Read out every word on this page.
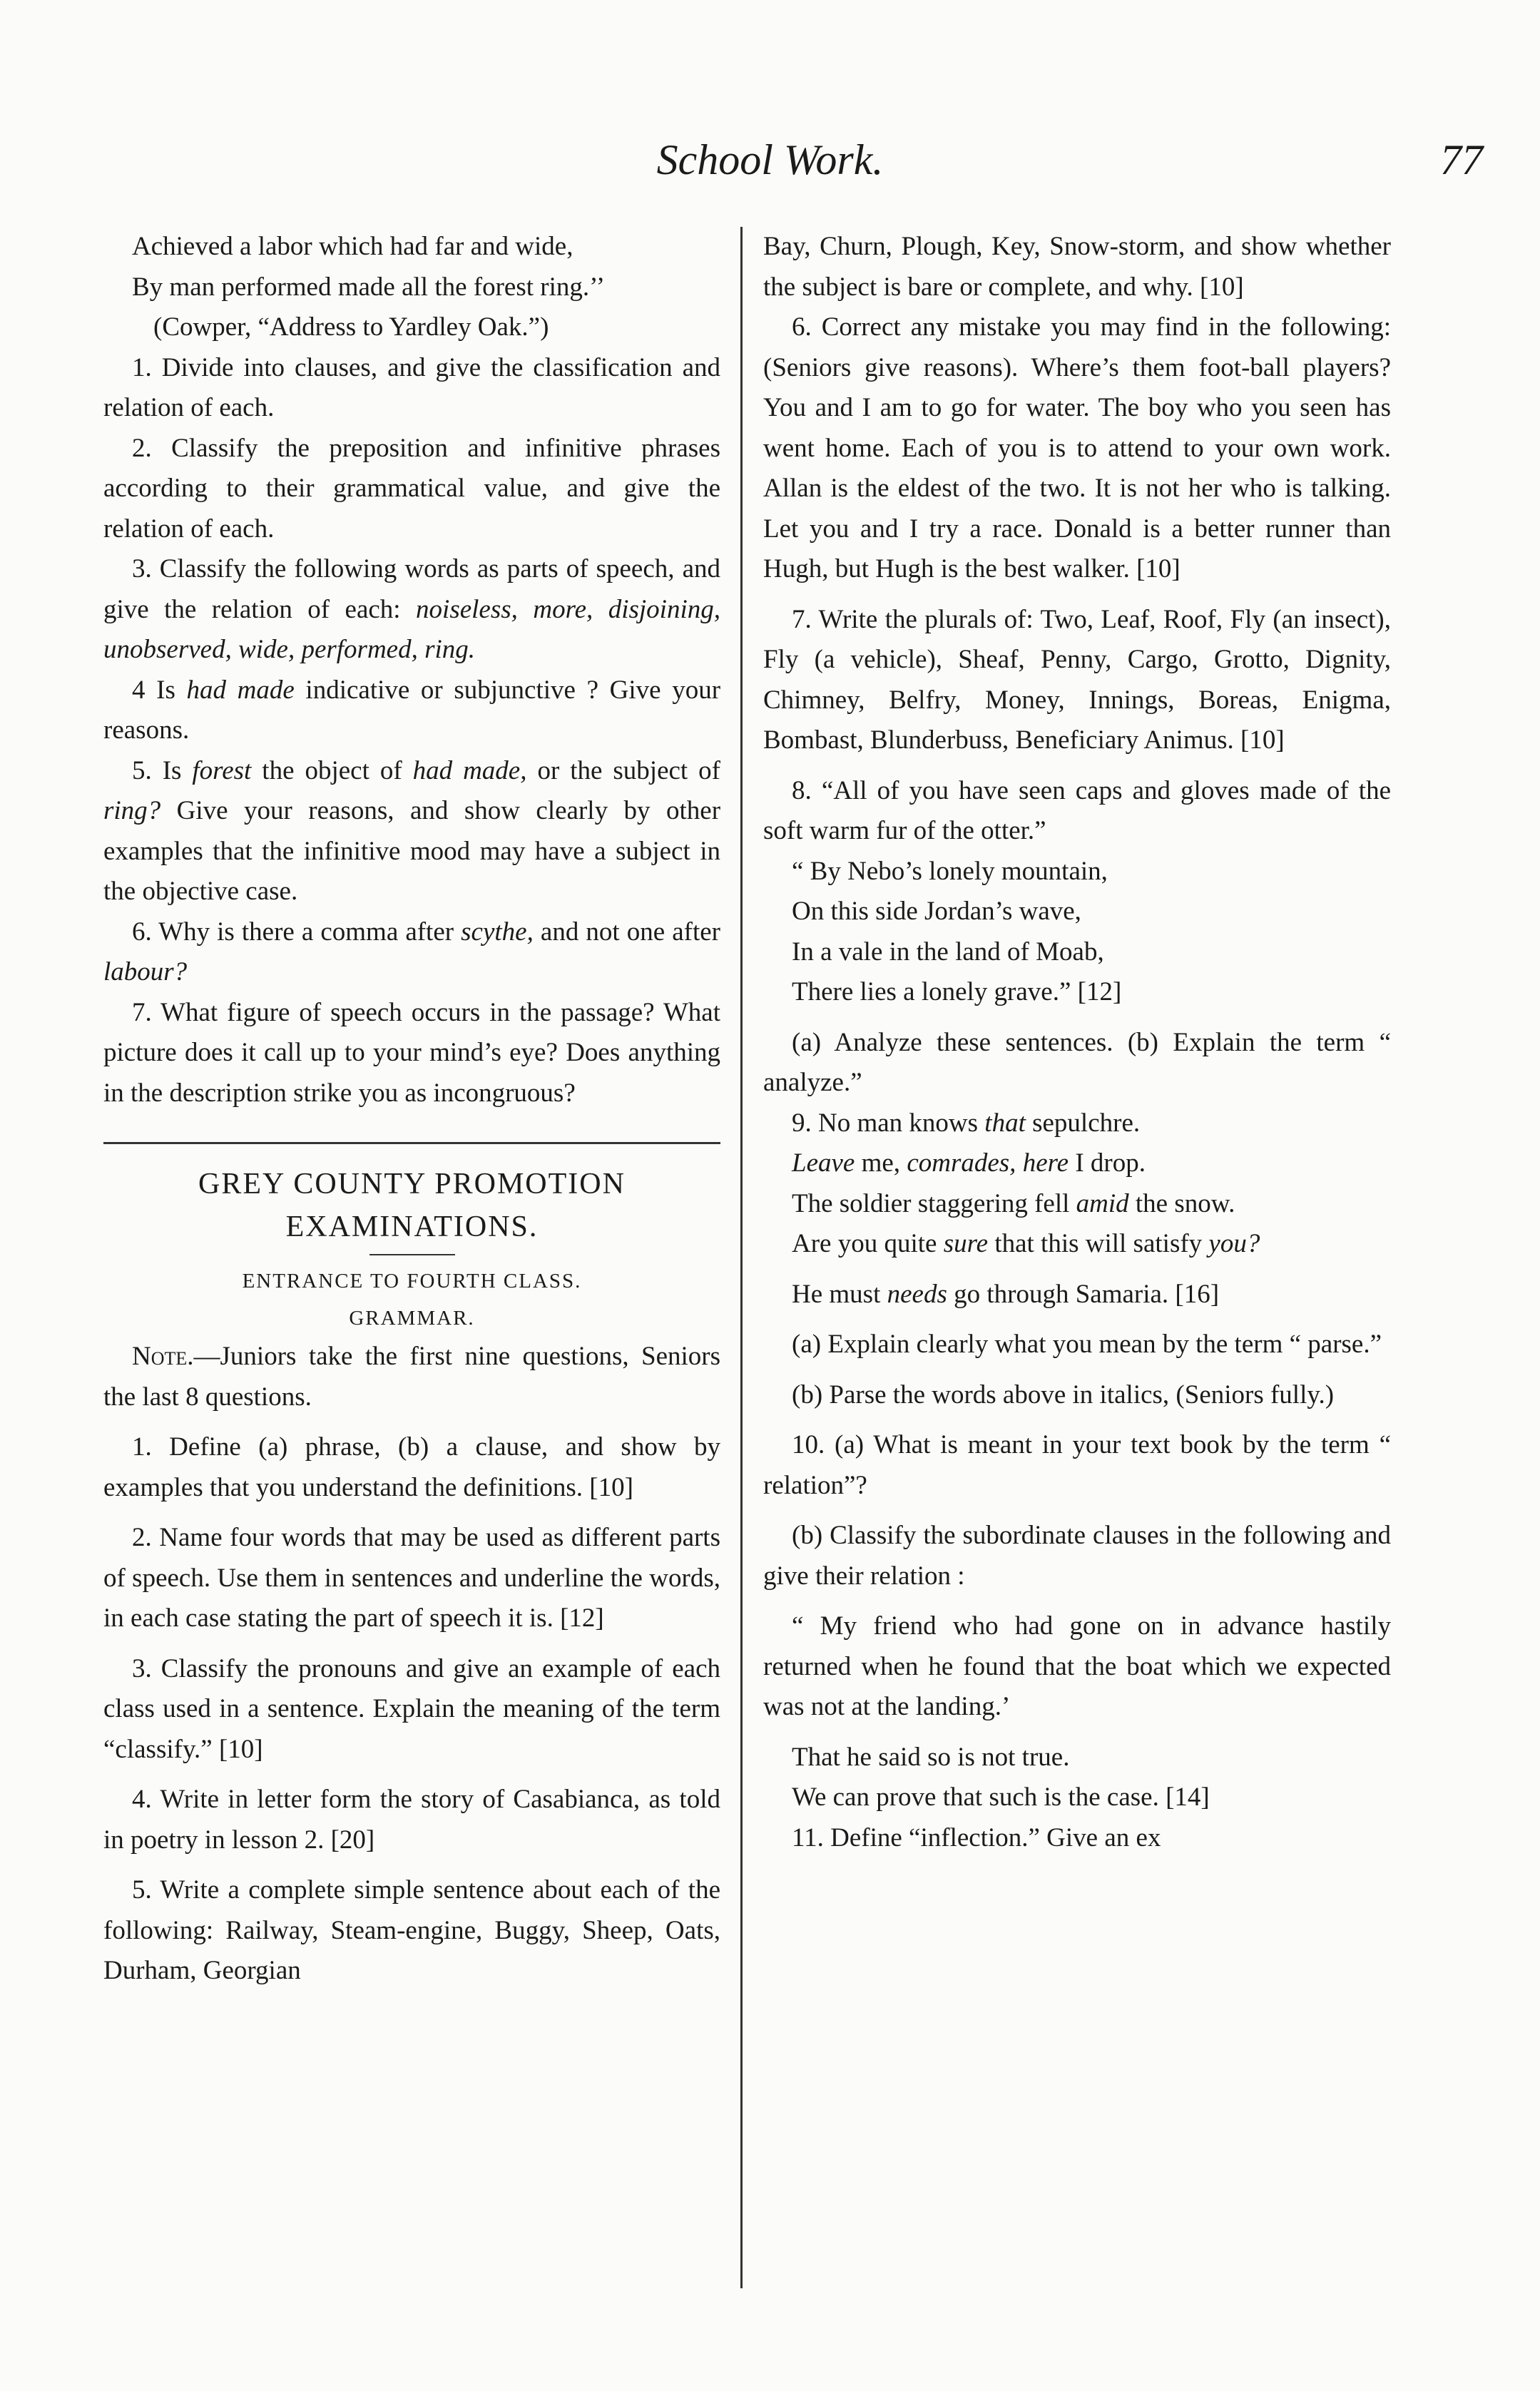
School Work.	77

Achieved a labor which had far and wide,

By man performed made all the forest ring.’’

(Cowper, “Address to Yardley Oak.”)

1. Divide into clauses, and give the classification and relation of each.

2. Classify the preposition and infinitive phrases according to their grammatical value, and give the relation of each.

3. Classify the following words as parts of speech, and give the relation of each: noiseless, more, disjoining, unobserved, wide, performed, ring.

4 Is had made indicative or subjunctive ? Give your reasons.

5. Is forest the object of had made, or the subject of ring? Give your reasons, and show clearly by other examples that the infinitive mood may have a subject in the objective case.

6. Why is there a comma after scythe, and not one after labour?

7. What figure of speech occurs in the passage? What picture does it call up to your mind’s eye? Does anything in the description strike you as incongruous?

GREY COUNTY PROMOTION EXAMINATIONS.
ENTRANCE TO FOURTH CLASS.
GRAMMAR.

Note.—Juniors take the first nine questions, Seniors the last 8 questions.

1. Define (a) phrase, (b) a clause, and show by examples that you understand the definitions. [10]

2. Name four words that may be used as different parts of speech. Use them in sentences and underline the words, in each case stating the part of speech it is. [12]

3. Classify the pronouns and give an example of each class used in a sentence. Explain the meaning of the term “classify.” [10]

4. Write in letter form the story of Casabianca, as told in poetry in lesson 2. [20]

5. Write a complete simple sentence about each of the following: Railway, Steam-engine, Buggy, Sheep, Oats, Durham, Georgian

Bay, Churn, Plough, Key, Snow-storm, and show whether the subject is bare or complete, and why. [10]

6. Correct any mistake you may find in the following: (Seniors give reasons). Where’s them foot-ball players? You and I am to go for water. The boy who you seen has went home. Each of you is to attend to your own work. Allan is the eldest of the two. It is not her who is talking. Let you and I try a race. Donald is a better runner than Hugh, but Hugh is the best walker. [10]

7. Write the plurals of: Two, Leaf, Roof, Fly (an insect), Fly (a vehicle), Sheaf, Penny, Cargo, Grotto, Dignity, Chimney, Belfry, Money, Innings, Boreas, Enigma, Bombast, Blunderbuss, Beneficiary Animus. [10]

8. “All of you have seen caps and gloves made of the soft warm fur of the otter.”

“ By Nebo’s lonely mountain,

On this side Jordan’s wave,

In a vale in the land of Moab,

There lies a lonely grave.” [12]

(a) Analyze these sentences. (b) Explain the term “ analyze.”

9. No man knows that sepulchre.

Leave me, comrades, here I drop.

The soldier staggering fell amid the snow.

Are you quite sure that this will satisfy you?

He must needs go through Samaria. [16]

(a) Explain clearly what you mean by the term “ parse.”

(b) Parse the words above in italics, (Seniors fully.)

10. (a) What is meant in your text book by the term “ relation”?

(b) Classify the subordinate clauses in the following and give their relation :

“ My friend who had gone on in advance hastily returned when he found that the boat which we expected was not at the landing.’

That he said so is not true.

We can prove that such is the case. [14]

11. Define “inflection.” Give an ex
